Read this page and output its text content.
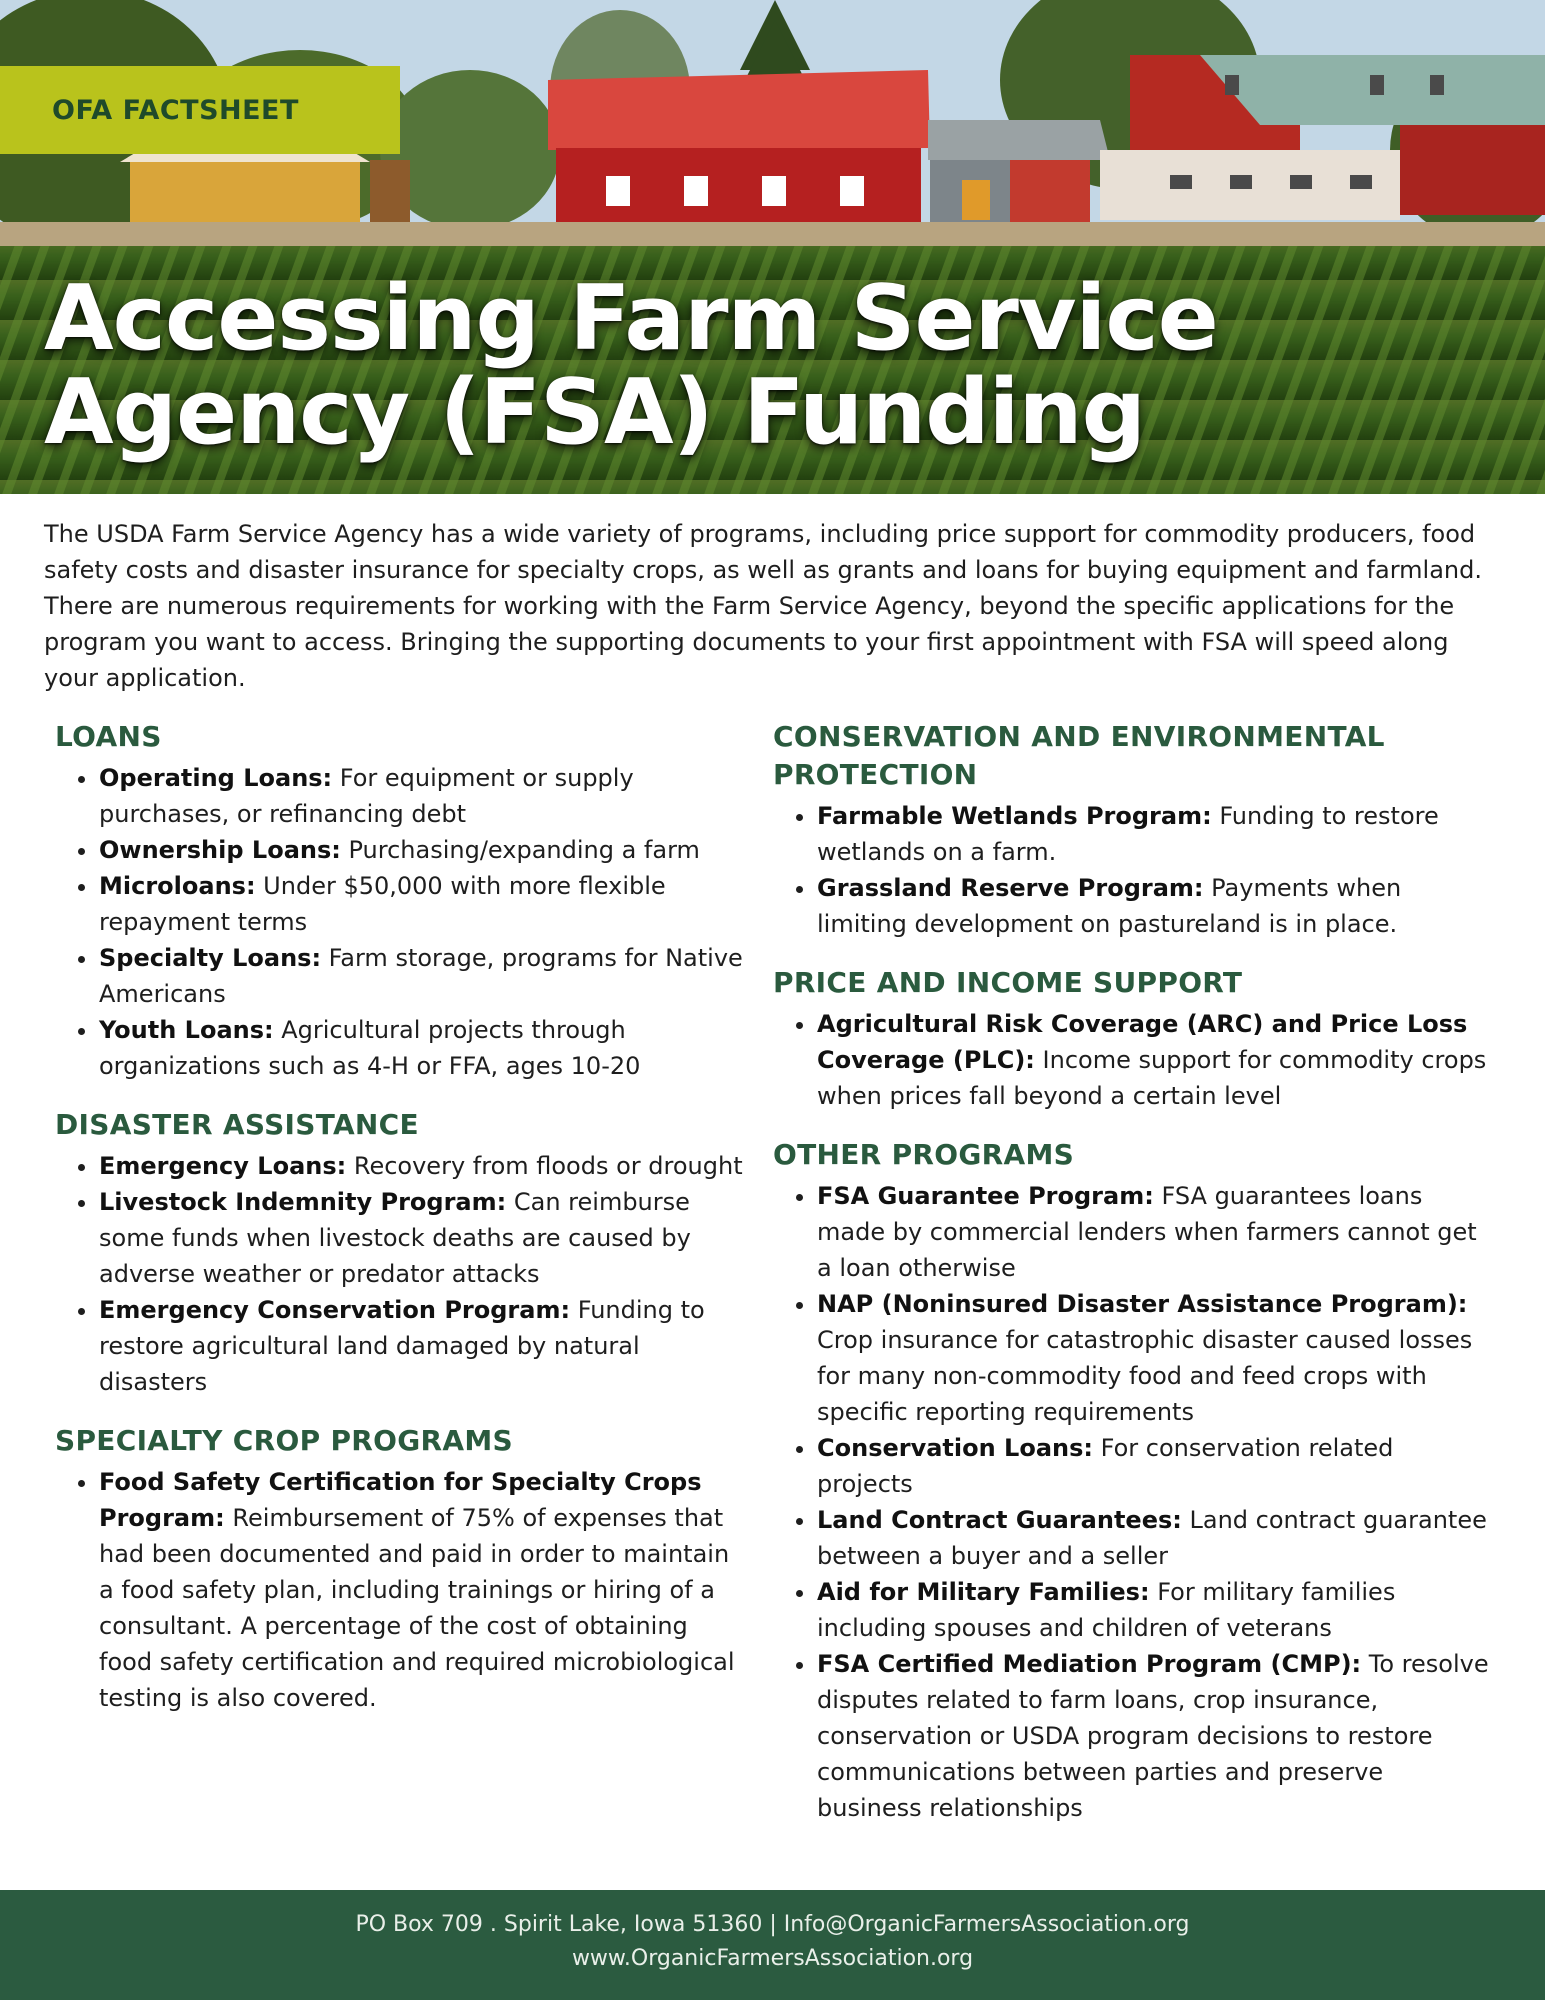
OFA FACTSHEET
Accessing Farm Service
Agency (FSA) Funding

The USDA Farm Service Agency has a wide variety of programs, including price support for commodity producers, food safety costs and disaster insurance for specialty crops, as well as grants and loans for buying equipment and farmland. There are numerous requirements for working with the Farm Service Agency, beyond the specific applications for the program you want to access. Bringing the supporting documents to your first appointment with FSA will speed along your application.

LOANS
• Operating Loans: For equipment or supply purchases, or refinancing debt
• Ownership Loans: Purchasing/expanding a farm
• Microloans: Under $50,000 with more flexible repayment terms
• Specialty Loans: Farm storage, programs for Native Americans
• Youth Loans: Agricultural projects through organizations such as 4-H or FFA, ages 10-20
DISASTER ASSISTANCE
• Emergency Loans: Recovery from floods or drought
• Livestock Indemnity Program: Can reimburse some funds when livestock deaths are caused by adverse weather or predator attacks
• Emergency Conservation Program: Funding to restore agricultural land damaged by natural disasters
SPECIALTY CROP PROGRAMS
• Food Safety Certification for Specialty Crops Program: Reimbursement of 75% of expenses that had been documented and paid in order to maintain a food safety plan, including trainings or hiring of a consultant. A percentage of the cost of obtaining food safety certification and required microbiological testing is also covered.
CONSERVATION AND ENVIRONMENTAL PROTECTION
• Farmable Wetlands Program: Funding to restore wetlands on a farm.
• Grassland Reserve Program: Payments when limiting development on pastureland is in place.
PRICE AND INCOME SUPPORT
• Agricultural Risk Coverage (ARC) and Price Loss Coverage (PLC): Income support for commodity crops when prices fall beyond a certain level
OTHER PROGRAMS
• FSA Guarantee Program: FSA guarantees loans made by commercial lenders when farmers cannot get a loan otherwise
• NAP (Noninsured Disaster Assistance Program): Crop insurance for catastrophic disaster caused losses for many non-commodity food and feed crops with specific reporting requirements
• Conservation Loans: For conservation related projects
• Land Contract Guarantees: Land contract guarantee between a buyer and a seller
• Aid for Military Families: For military families including spouses and children of veterans
• FSA Certified Mediation Program (CMP): To resolve disputes related to farm loans, crop insurance, conservation or USDA program decisions to restore communications between parties and preserve business relationships
PO Box 709 . Spirit Lake, Iowa 51360 | Info@OrganicFarmersAssociation.org
www.OrganicFarmersAssociation.org
